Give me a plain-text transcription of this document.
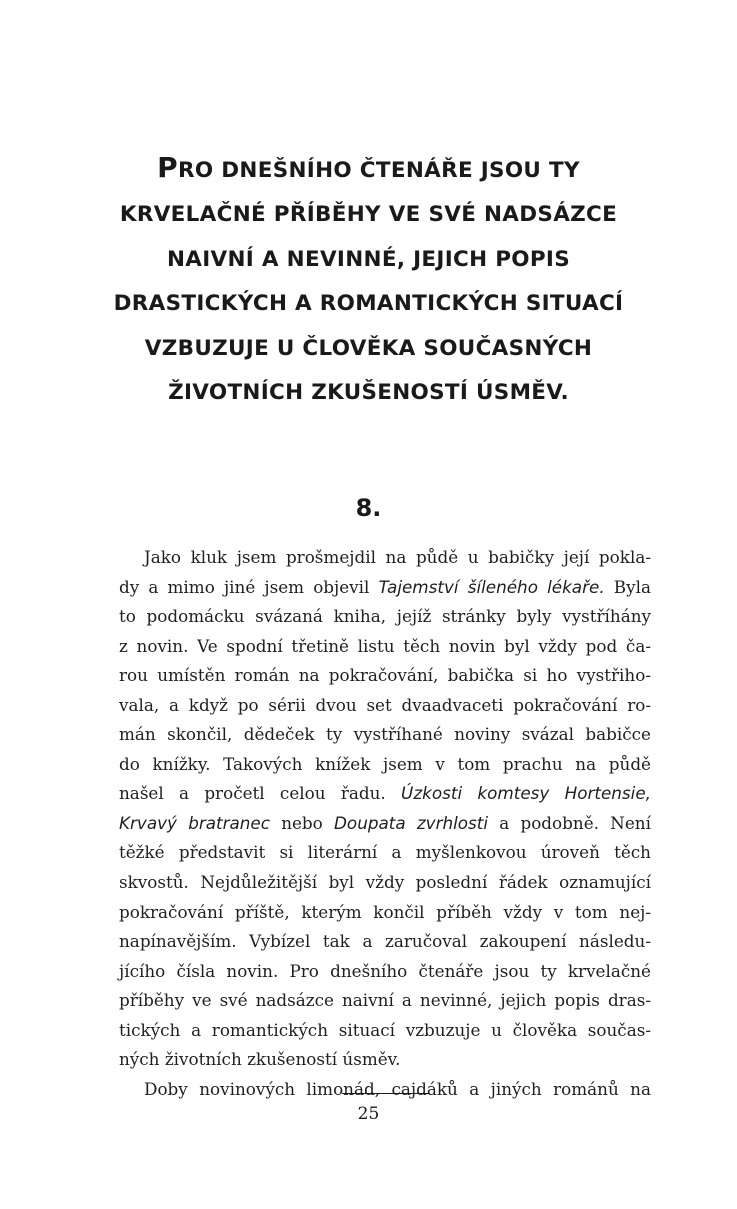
PRO DNEŠNÍHO ČTENÁŘE JSOU TY
KRVELAČNÉ PŘÍBĚHY VE SVÉ NADSÁZCE
NAIVNÍ A NEVINNÉ, JEJICH POPIS
DRASTICKÝCH A ROMANTICKÝCH SITUACÍ
VZBUZUJE U ČLOVĚKA SOUČASNÝCH
ŽIVOTNÍCH ZKUŠENOSTÍ ÚSMĚV.
8.
Jako kluk jsem prošmejdil na půdě u babičky její pokla-
dy a mimo jiné jsem objevil Tajemství šíleného lékaře. Byla
to podomácku svázaná kniha, jejíž stránky byly vystříhány
z novin. Ve spodní třetině listu těch novin byl vždy pod ča-
rou umístěn román na pokračování, babička si ho vystřiho-
vala, a když po sérii dvou set dvaadvaceti pokračování ro-
mán skončil, dědeček ty vystříhané noviny svázal babičce
do knížky. Takových knížek jsem v tom prachu na půdě
našel a pročetl celou řadu. Úzkosti komtesy Hortensie,
Krvavý bratranec nebo Doupata zvrhlosti a podobně. Není
těžké představit si literární a myšlenkovou úroveň těch
skvostů. Nejdůležitější byl vždy poslední řádek oznamující
pokračování příště, kterým končil příběh vždy v tom nej-
napínavějším. Vybízel tak a zaručoval zakoupení následu-
jícího čísla novin. Pro dnešního čtenáře jsou ty krvelačné
příběhy ve své nadsázce naivní a nevinné, jejich popis dras-
tických a romantických situací vzbuzuje u člověka součas-
ných životních zkušeností úsměv.
Doby novinových limonád, cajdáků a jiných románů na

25
